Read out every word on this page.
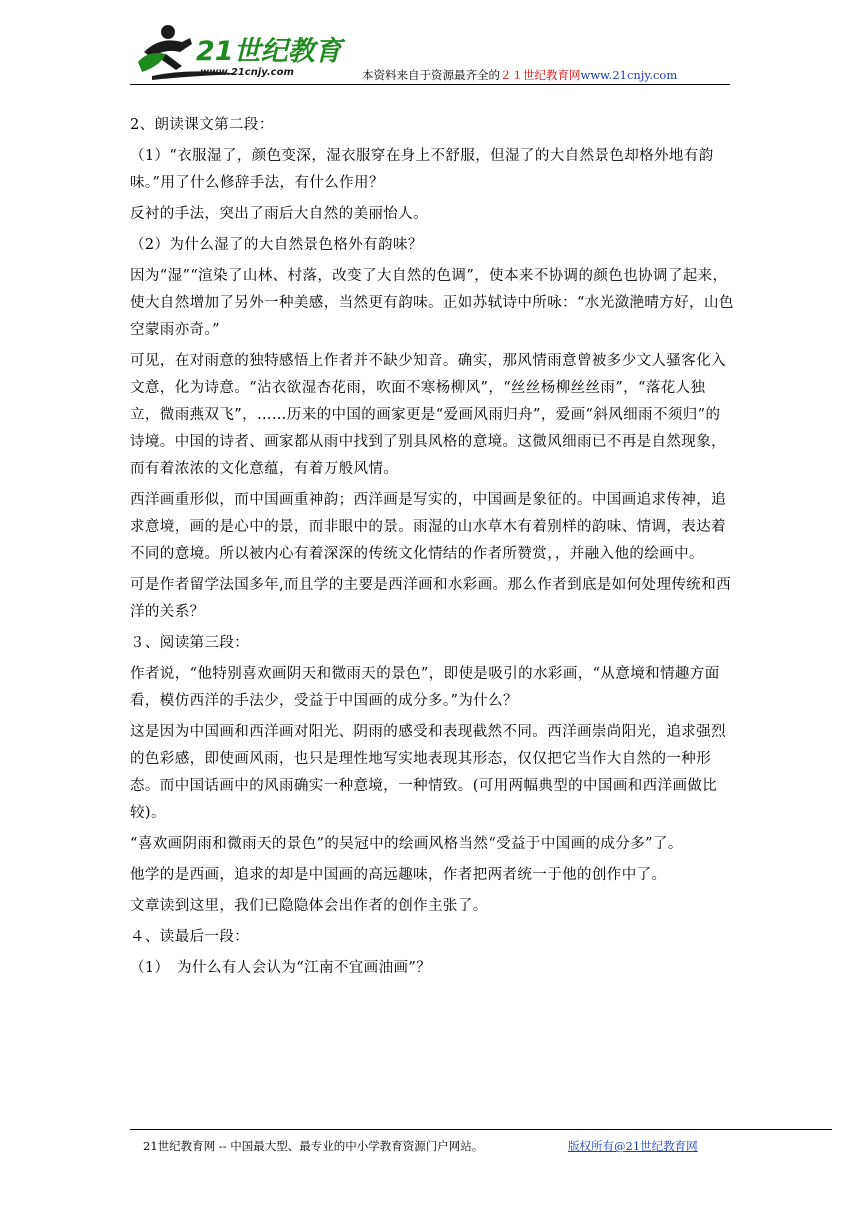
21世纪教育
www.21cnjy.com	本资料来自于资源最齐全的２１世纪教育网www.21cnjy.com

2、朗读课文第二段：

（1）“衣服湿了，颜色变深，湿衣服穿在身上不舒服，但湿了的大自然景色却格外地有韵味。”用了什么修辞手法，有什么作用？

反衬的手法，突出了雨后大自然的美丽怡人。

（2）为什么湿了的大自然景色格外有韵味？

因为“湿”“渲染了山林、村落，改变了大自然的色调”，使本来不协调的颜色也协调了起来，使大自然增加了另外一种美感，当然更有韵味。正如苏轼诗中所咏：“水光潋滟晴方好，山色空蒙雨亦奇。”

可见，在对雨意的独特感悟上作者并不缺少知音。确实，那风情雨意曾被多少文人骚客化入文意，化为诗意。“沾衣欲湿杏花雨，吹面不寒杨柳风”，“丝丝杨柳丝丝雨”，“落花人独立，微雨燕双飞”，……历来的中国的画家更是“爱画风雨归舟”，爱画“斜风细雨不须归”的诗境。中国的诗者、画家都从雨中找到了别具风格的意境。这微风细雨已不再是自然现象，而有着浓浓的文化意蕴，有着万般风情。

西洋画重形似，而中国画重神韵；西洋画是写实的，中国画是象征的。中国画追求传神，追求意境，画的是心中的景，而非眼中的景。雨湿的山水草木有着别样的韵味、情调，表达着不同的意境。所以被内心有着深深的传统文化情结的作者所赞赏，，并融入他的绘画中。

可是作者留学法国多年,而且学的主要是西洋画和水彩画。那么作者到底是如何处理传统和西洋的关系？

３、阅读第三段：

作者说，“他特别喜欢画阴天和微雨天的景色”，即使是吸引的水彩画，“从意境和情趣方面看，模仿西洋的手法少，受益于中国画的成分多。”为什么？

这是因为中国画和西洋画对阳光、阴雨的感受和表现截然不同。西洋画崇尚阳光，追求强烈的色彩感，即使画风雨，也只是理性地写实地表现其形态，仅仅把它当作大自然的一种形态。而中国话画中的风雨确实一种意境，一种情致。(可用两幅典型的中国画和西洋画做比较)。

“喜欢画阴雨和微雨天的景色”的吴冠中的绘画风格当然“受益于中国画的成分多”了。

他学的是西画，追求的却是中国画的高远趣味，作者把两者统一于他的创作中了。

文章读到这里，我们已隐隐体会出作者的创作主张了。

４、读最后一段：

（1）　为什么有人会认为“江南不宜画油画”？

21世纪教育网 -- 中国最大型、最专业的中小学教育资源门户网站。	版权所有@21世纪教育网
